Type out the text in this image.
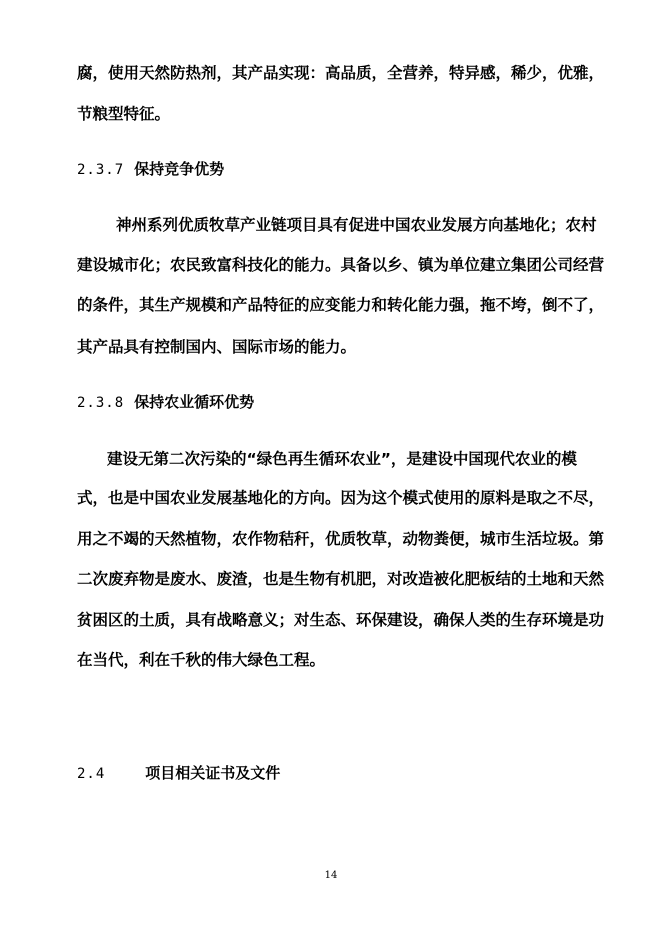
腐，使用天然防热剂，其产品实现：高品质，全营养，特异感，稀少，优雅，
节粮型特征。
2.3.7 保持竞争优势
神州系列优质牧草产业链项目具有促进中国农业发展方向基地化；农村
建设城市化；农民致富科技化的能力。具备以乡、镇为单位建立集团公司经营
的条件，其生产规模和产品特征的应变能力和转化能力强，拖不垮，倒不了，
其产品具有控制国内、国际市场的能力。
2.3.8 保持农业循环优势
建设无第二次污染的“绿色再生循环农业”，是建设中国现代农业的模
式，也是中国农业发展基地化的方向。因为这个模式使用的原料是取之不尽，
用之不竭的天然植物，农作物秸秆，优质牧草，动物粪便，城市生活垃圾。第
二次废弃物是废水、废渣，也是生物有机肥，对改造被化肥板结的土地和天然
贫困区的土质，具有战略意义；对生态、环保建设，确保人类的生存环境是功
在当代，利在千秋的伟大绿色工程。
2.4	项目相关证书及文件
14
